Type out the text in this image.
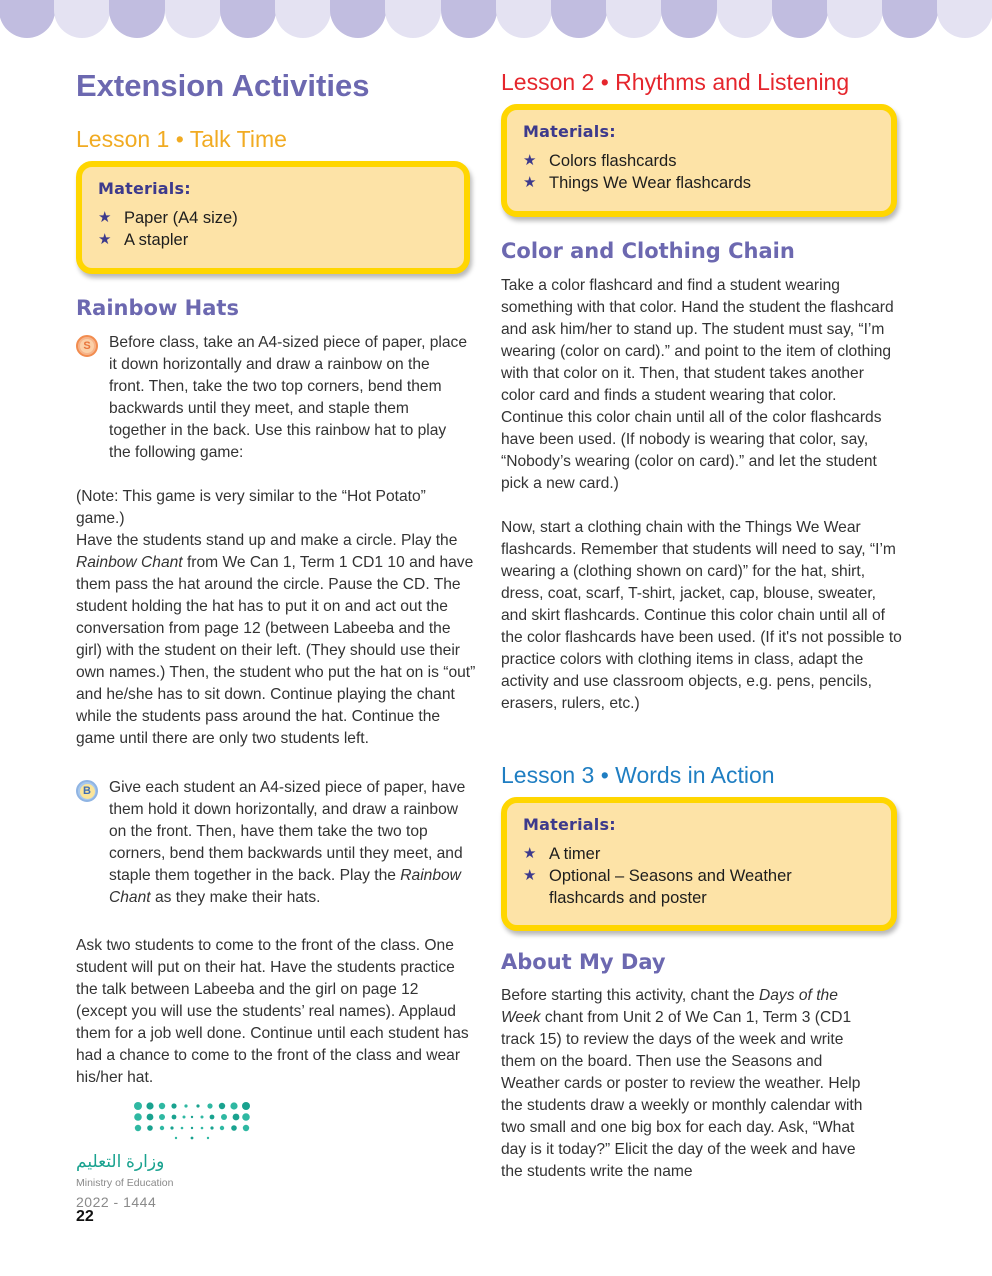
Extension Activities
Lesson 1 • Talk Time
Materials:
★ Paper (A4 size)
★ A stapler
Rainbow Hats
S Before class, take an A4-sized piece of paper, place it down horizontally and draw a rainbow on the front. Then, take the two top corners, bend them backwards until they meet, and staple them together in the back. Use this rainbow hat to play the following game:

(Note: This game is very similar to the “Hot Potato” game.)

Have the students stand up and make a circle. Play the Rainbow Chant from We Can 1, Term 1 CD1 10 and have them pass the hat around the circle. Pause the CD. The student holding the hat has to put it on and act out the conversation from page 12 (between Labeeba and the girl) with the student on their left. (They should use their own names.) Then, the student who put the hat on is “out” and he/she has to sit down. Continue playing the chant while the students pass around the hat. Continue the game until there are only two students left.

B Give each student an A4-sized piece of paper, have them hold it down horizontally, and draw a rainbow on the front. Then, have them take the two top corners, bend them backwards until they meet, and staple them together in the back. Play the Rainbow Chant as they make their hats.

Ask two students to come to the front of the class. One student will put on their hat. Have the students practice the talk between Labeeba and the girl on page 12 (except you will use the students’ real names). Applaud them for a job well done. Continue until each student has had a chance to come to the front of the class and wear his/her hat.

Lesson 2 • Rhythms and Listening
Materials:
★ Colors flashcards
★ Things We Wear flashcards
Color and Clothing Chain

Take a color flashcard and find a student wearing something with that color. Hand the student the flashcard and ask him/her to stand up. The student must say, “I’m wearing (color on card).” and point to the item of clothing with that color on it. Then, that student takes another color card and finds a student wearing that color. Continue this color chain until all of the color flashcards have been used. (If nobody is wearing that color, say, “Nobody’s wearing (color on card).” and let the student pick a new card.)

Now, start a clothing chain with the Things We Wear flashcards. Remember that students will need to say, “I’m wearing a (clothing shown on card)” for the hat, shirt, dress, coat, scarf, T-shirt, jacket, cap, blouse, sweater, and skirt flashcards. Continue this color chain until all of the color flashcards have been used. (If it's not possible to practice colors with clothing items in class, adapt the activity and use classroom objects, e.g. pens, pencils, erasers, rulers, etc.)

Lesson 3 • Words in Action
Materials:
★ A timer
★ Optional – Seasons and Weather flashcards and poster
About My Day

Before starting this activity, chant the Days of the Week chant from Unit 2 of We Can 1, Term 3 (CD1 track 15) to review the days of the week and write them on the board. Then use the Seasons and Weather cards or poster to review the weather. Help the students draw a weekly or monthly calendar with two small and one big box for each day. Ask, “What day is it today?” Elicit the day of the week and have the students write the name

وزارة التعليم
Ministry of Education
2022 - 1444
22
